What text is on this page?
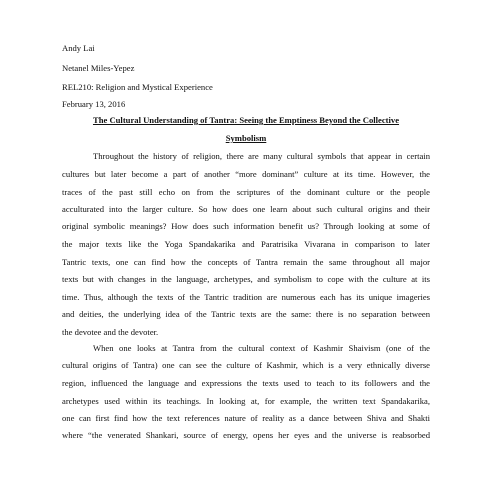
Andy Lai
Netanel Miles-Yepez
REL210: Religion and Mystical Experience
February 13, 2016
The Cultural Understanding of Tantra: Seeing the Emptiness Beyond the Collective
Symbolism
Throughout the history of religion, there are many cultural symbols that appear in certain
cultures but later become a part of another “more dominant” culture at its time. However, the
traces of the past still echo on from the scriptures of the dominant culture or the people
acculturated into the larger culture. So how does one learn about such cultural origins and their
original symbolic meanings? How does such information benefit us? Through looking at some of
the major texts like the Yoga Spandakarika and Paratrisika Vivarana in comparison to later
Tantric texts, one can find how the concepts of Tantra remain the same throughout all major
texts but with changes in the language, archetypes, and symbolism to cope with the culture at its
time. Thus, although the texts of the Tantric tradition are numerous each has its unique imageries
and deities, the underlying idea of the Tantric texts are the same: there is no separation between
the devotee and the devoter.
When one looks at Tantra from the cultural context of Kashmir Shaivism (one of the
cultural origins of Tantra) one can see the culture of Kashmir, which is a very ethnically diverse
region, influenced the language and expressions the texts used to teach to its followers and the
archetypes used within its teachings. In looking at, for example, the written text Spandakarika,
one can first find how the text references nature of reality as a dance between Shiva and Shakti
where “the venerated Shankari, source of energy, opens her eyes and the universe is reabsorbed
